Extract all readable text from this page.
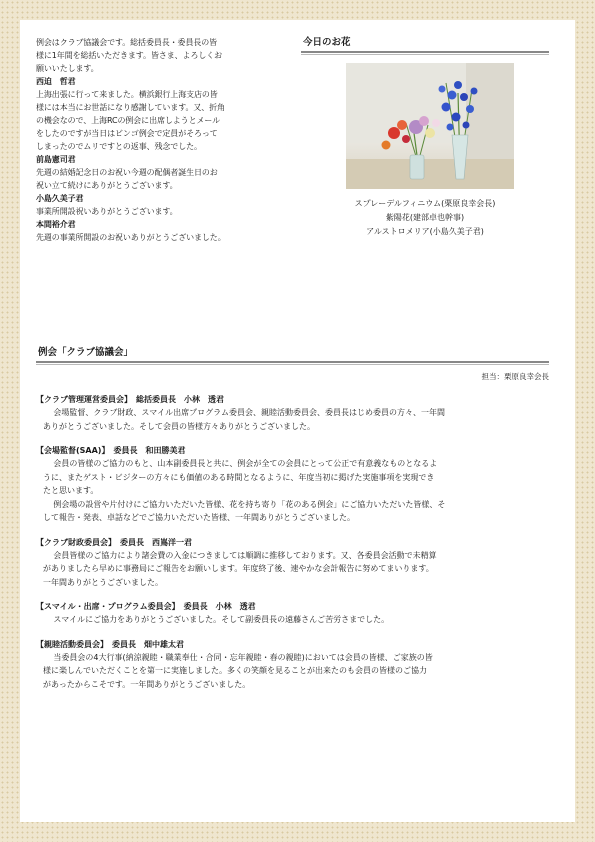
例会はクラブ協議会です。総括委員長・委員長の皆
様に1年間を総括いただきます。皆さま、よろしくお
願いいたします。
西迫　哲君
上海出張に行って来ました。横浜銀行上海支店の皆
様には本当にお世話になり感謝しています。又、折角
の機会なので、上海RCの例会に出席しようとメール
をしたのですが当日はビンゴ例会で定員がそろって
しまったのでムリですとの返事、残念でした。
前島憲司君
先週の結婚記念日のお祝い今週の配偶者誕生日のお
祝い立て続けにありがとうございます。
小島久美子君
事業所開設祝いありがとうございます。
本間裕介君
先週の事業所開設のお祝いありがとうございました。
今日のお花
スプレーデルフィニウム(栗原良幸会長)
紫陽花(建部卓也幹事)
アルストロメリア(小島久美子君)
例会「クラブ協議会」
担当：栗原良幸会長
【クラブ管理運営委員会】　総括委員長　小林　透君

会場監督、クラブ財政、スマイル出席プログラム委員会、親睦活動委員会、委員長はじめ委員の方々、一年間
ありがとうございました。そして会員の皆様方々ありがとうございました。

【会場監督(SAA)】　委員長　和田勝美君

会員の皆様のご協力のもと、山本副委員長と共に、例会が全ての会員にとって公正で有意義なものとなるよ
うに、またゲスト・ビジターの方々にも価値のある時間となるように、年度当初に掲げた実施事項を実現でき
たと思います。

例会場の設営や片付けにご協力いただいた皆様、花を持ち寄り「花のある例会」にご協力いただいた皆様、そ
して報告・発表、卓話などでご協力いただいた皆様、一年間ありがとうございました。

【クラブ財政委員会】　委員長　西嶌洋一君

会員皆様のご協力により諸会費の入金につきましては順調に推移しております。又、各委員会活動で未精算
がありましたら早めに事務局にご報告をお願いします。年度終了後、速やかな会計報告に努めてまいります。
一年間ありがとうございました。

【スマイル・出席・プログラム委員会】　委員長　小林　透君

スマイルにご協力をありがとうございました。そして副委員長の遠藤さんご苦労さまでした。

【親睦活動委員会】　委員長　畑中雄太君

当委員会の4大行事(納涼親睦・職業奉仕・合同・忘年親睦・春の親睦)においては会員の皆様、ご家族の皆
様に楽しんでいただくことを第一に実施しました。多くの笑顔を見ることが出来たのも会員の皆様のご協力
があったからこそです。一年間ありがとうございました。
